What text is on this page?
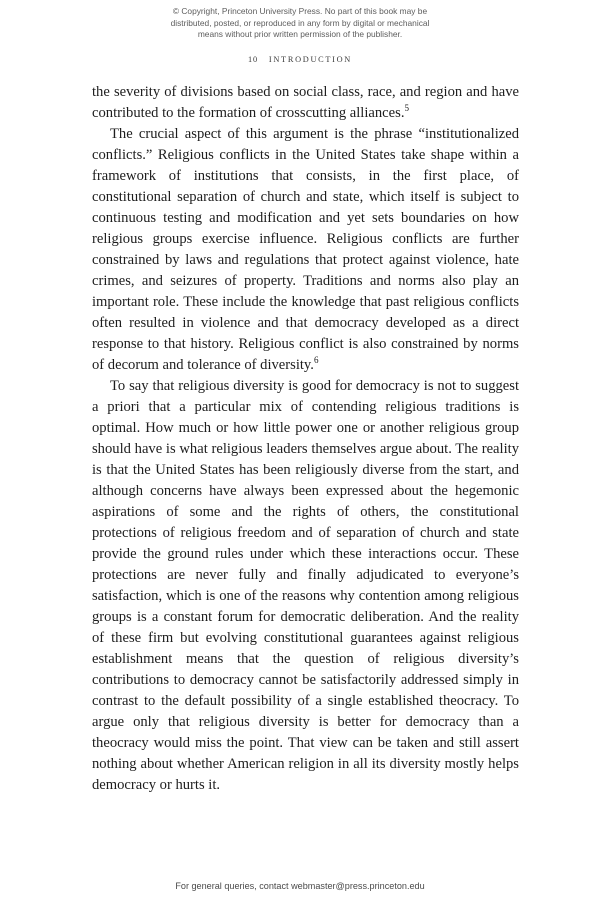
© Copyright, Princeton University Press. No part of this book may be
distributed, posted, or reproduced in any form by digital or mechanical
means without prior written permission of the publisher.
10 INTRODUCTION

the severity of divisions based on social class, race, and region and have contributed to the formation of crosscutting alliances.$^5$

The crucial aspect of this argument is the phrase “institutionalized conflicts.” Religious conflicts in the United States take shape within a framework of institutions that consists, in the first place, of constitutional separation of church and state, which itself is subject to continuous testing and modification and yet sets boundaries on how religious groups exercise influence. Religious conflicts are further constrained by laws and regulations that protect against violence, hate crimes, and seizures of property. Traditions and norms also play an important role. These include the knowledge that past religious conflicts often resulted in violence and that democracy developed as a direct response to that history. Religious conflict is also constrained by norms of decorum and tolerance of diversity.$^6$

To say that religious diversity is good for democracy is not to suggest a priori that a particular mix of contending religious traditions is optimal. How much or how little power one or another religious group should have is what religious leaders themselves argue about. The reality is that the United States has been religiously diverse from the start, and although concerns have always been expressed about the hegemonic aspirations of some and the rights of others, the constitutional protections of religious freedom and of separation of church and state provide the ground rules under which these interactions occur. These protections are never fully and finally adjudicated to everyone’s satisfaction, which is one of the reasons why contention among religious groups is a constant forum for democratic deliberation. And the reality of these firm but evolving constitutional guarantees against religious establishment means that the question of religious diversity’s contributions to democracy cannot be satisfactorily addressed simply in contrast to the default possibility of a single established theocracy. To argue only that religious diversity is better for democracy than a theocracy would miss the point. That view can be taken and still assert nothing about whether American religion in all its diversity mostly helps democracy or hurts it.

For general queries, contact webmaster@press.princeton.edu
